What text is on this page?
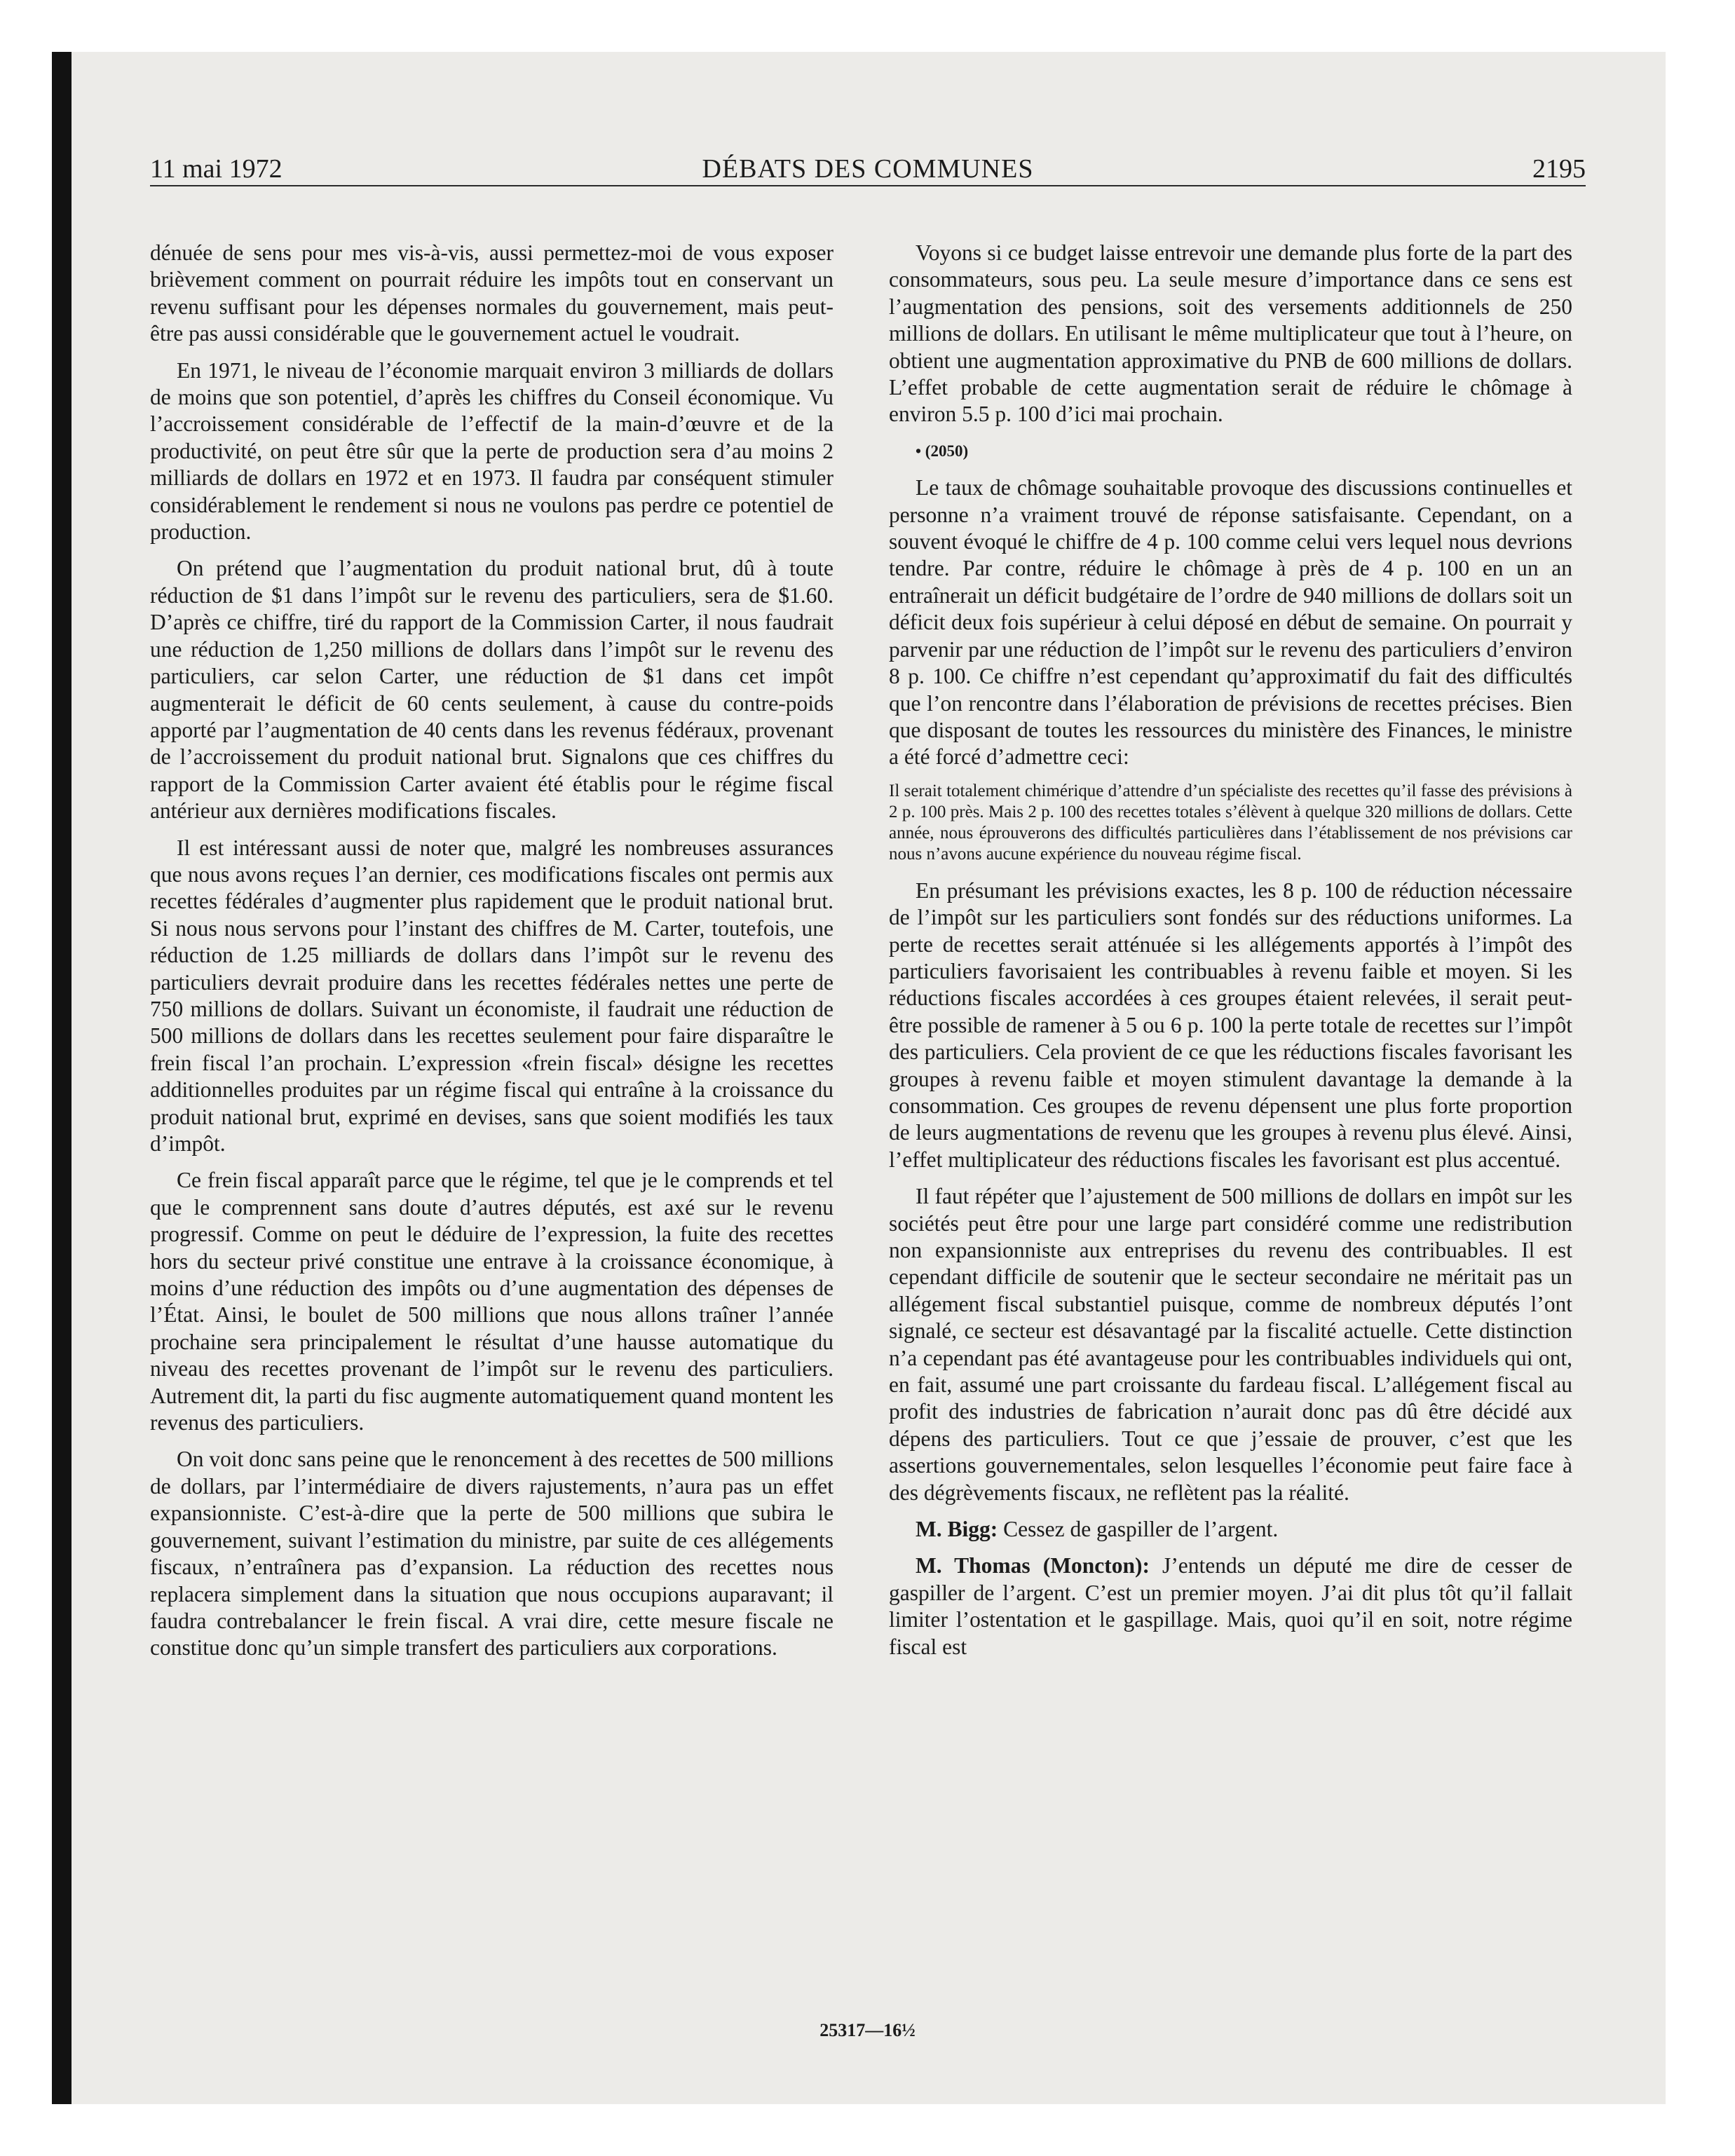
11 mai 1972	DÉBATS DES COMMUNES	2195

dénuée de sens pour mes vis-à-vis, aussi permettez-moi de vous exposer brièvement comment on pourrait réduire les impôts tout en conservant un revenu suffisant pour les dépenses normales du gouvernement, mais peut-être pas aussi considérable que le gouvernement actuel le voudrait.

En 1971, le niveau de l’économie marquait environ 3 milliards de dollars de moins que son potentiel, d’après les chiffres du Conseil économique. Vu l’accroissement considérable de l’effectif de la main-d’œuvre et de la productivité, on peut être sûr que la perte de production sera d’au moins 2 milliards de dollars en 1972 et en 1973. Il faudra par conséquent stimuler considérablement le rendement si nous ne voulons pas perdre ce potentiel de production.

On prétend que l’augmentation du produit national brut, dû à toute réduction de $1 dans l’impôt sur le revenu des particuliers, sera de $1.60. D’après ce chiffre, tiré du rapport de la Commission Carter, il nous faudrait une réduction de 1,250 millions de dollars dans l’impôt sur le revenu des particuliers, car selon Carter, une réduction de $1 dans cet impôt augmenterait le déficit de 60 cents seulement, à cause du contre-poids apporté par l’augmentation de 40 cents dans les revenus fédéraux, provenant de l’accroissement du produit national brut. Signalons que ces chiffres du rapport de la Commission Carter avaient été établis pour le régime fiscal antérieur aux dernières modifications fiscales.

Il est intéressant aussi de noter que, malgré les nombreuses assurances que nous avons reçues l’an dernier, ces modifications fiscales ont permis aux recettes fédérales d’augmenter plus rapidement que le produit national brut. Si nous nous servons pour l’instant des chiffres de M. Carter, toutefois, une réduction de 1.25 milliards de dollars dans l’impôt sur le revenu des particuliers devrait produire dans les recettes fédérales nettes une perte de 750 millions de dollars. Suivant un économiste, il faudrait une réduction de 500 millions de dollars dans les recettes seulement pour faire disparaître le frein fiscal l’an prochain. L’expression «frein fiscal» désigne les recettes additionnelles produites par un régime fiscal qui entraîne à la croissance du produit national brut, exprimé en devises, sans que soient modifiés les taux d’impôt.

Ce frein fiscal apparaît parce que le régime, tel que je le comprends et tel que le comprennent sans doute d’autres députés, est axé sur le revenu progressif. Comme on peut le déduire de l’expression, la fuite des recettes hors du secteur privé constitue une entrave à la croissance économique, à moins d’une réduction des impôts ou d’une augmentation des dépenses de l’État. Ainsi, le boulet de 500 millions que nous allons traîner l’année prochaine sera principalement le résultat d’une hausse automatique du niveau des recettes provenant de l’impôt sur le revenu des particuliers. Autrement dit, la parti du fisc augmente automatiquement quand montent les revenus des particuliers.

On voit donc sans peine que le renoncement à des recettes de 500 millions de dollars, par l’intermédiaire de divers rajustements, n’aura pas un effet expansionniste. C’est-à-dire que la perte de 500 millions que subira le gouvernement, suivant l’estimation du ministre, par suite de ces allégements fiscaux, n’entraînera pas d’expansion. La réduction des recettes nous replacera simplement dans la situation que nous occupions auparavant; il faudra contrebalancer le frein fiscal. A vrai dire, cette mesure fiscale ne constitue donc qu’un simple transfert des particuliers aux corporations.

Voyons si ce budget laisse entrevoir une demande plus forte de la part des consommateurs, sous peu. La seule mesure d’importance dans ce sens est l’augmentation des pensions, soit des versements additionnels de 250 millions de dollars. En utilisant le même multiplicateur que tout à l’heure, on obtient une augmentation approximative du PNB de 600 millions de dollars. L’effet probable de cette augmentation serait de réduire le chômage à environ 5.5 p. 100 d’ici mai prochain.

• (2050)

Le taux de chômage souhaitable provoque des discussions continuelles et personne n’a vraiment trouvé de réponse satisfaisante. Cependant, on a souvent évoqué le chiffre de 4 p. 100 comme celui vers lequel nous devrions tendre. Par contre, réduire le chômage à près de 4 p. 100 en un an entraînerait un déficit budgétaire de l’ordre de 940 millions de dollars soit un déficit deux fois supérieur à celui déposé en début de semaine. On pourrait y parvenir par une réduction de l’impôt sur le revenu des particuliers d’environ 8 p. 100. Ce chiffre n’est cependant qu’approximatif du fait des difficultés que l’on rencontre dans l’élaboration de prévisions de recettes précises. Bien que disposant de toutes les ressources du ministère des Finances, le ministre a été forcé d’admettre ceci:

Il serait totalement chimérique d’attendre d’un spécialiste des recettes qu’il fasse des prévisions à 2 p. 100 près. Mais 2 p. 100 des recettes totales s’élèvent à quelque 320 millions de dollars. Cette année, nous éprouverons des difficultés particulières dans l’établissement de nos prévisions car nous n’avons aucune expérience du nouveau régime fiscal.

En présumant les prévisions exactes, les 8 p. 100 de réduction nécessaire de l’impôt sur les particuliers sont fondés sur des réductions uniformes. La perte de recettes serait atténuée si les allégements apportés à l’impôt des particuliers favorisaient les contribuables à revenu faible et moyen. Si les réductions fiscales accordées à ces groupes étaient relevées, il serait peut-être possible de ramener à 5 ou 6 p. 100 la perte totale de recettes sur l’impôt des particuliers. Cela provient de ce que les réductions fiscales favorisant les groupes à revenu faible et moyen stimulent davantage la demande à la consommation. Ces groupes de revenu dépensent une plus forte proportion de leurs augmentations de revenu que les groupes à revenu plus élevé. Ainsi, l’effet multiplicateur des réductions fiscales les favorisant est plus accentué.

Il faut répéter que l’ajustement de 500 millions de dollars en impôt sur les sociétés peut être pour une large part considéré comme une redistribution non expansionniste aux entreprises du revenu des contribuables. Il est cependant difficile de soutenir que le secteur secondaire ne méritait pas un allégement fiscal substantiel puisque, comme de nombreux députés l’ont signalé, ce secteur est désavantagé par la fiscalité actuelle. Cette distinction n’a cependant pas été avantageuse pour les contribuables individuels qui ont, en fait, assumé une part croissante du fardeau fiscal. L’allégement fiscal au profit des industries de fabrication n’aurait donc pas dû être décidé aux dépens des particuliers. Tout ce que j’essaie de prouver, c’est que les assertions gouvernementales, selon lesquelles l’économie peut faire face à des dégrèvements fiscaux, ne reflètent pas la réalité.

M. Bigg: Cessez de gaspiller de l’argent.

M. Thomas (Moncton): J’entends un député me dire de cesser de gaspiller de l’argent. C’est un premier moyen. J’ai dit plus tôt qu’il fallait limiter l’ostentation et le gaspillage. Mais, quoi qu’il en soit, notre régime fiscal est

25317—16½
